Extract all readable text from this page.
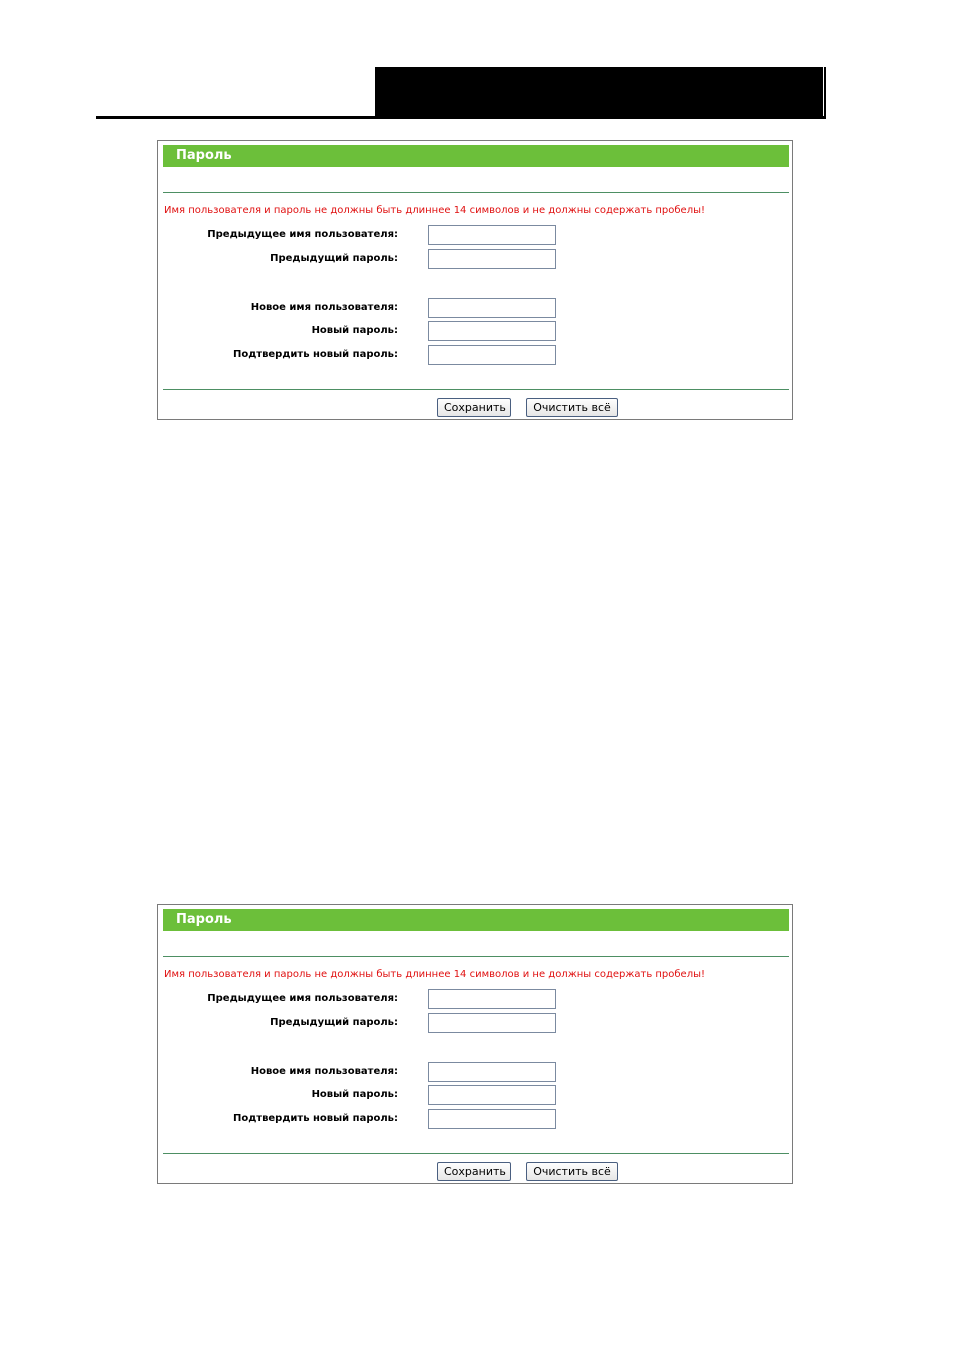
Пароль
Имя пользователя и пароль не должны быть длиннее 14 символов и не должны содержать пробелы!
Предыдущее имя пользователя:
Предыдущий пароль:
Новое имя пользователя:
Новый пароль:
Подтвердить новый пароль:
Сохранить	Очистить всё
Пароль
Имя пользователя и пароль не должны быть длиннее 14 символов и не должны содержать пробелы!
Предыдущее имя пользователя:
Предыдущий пароль:
Новое имя пользователя:
Новый пароль:
Подтвердить новый пароль:
Сохранить	Очистить всё
